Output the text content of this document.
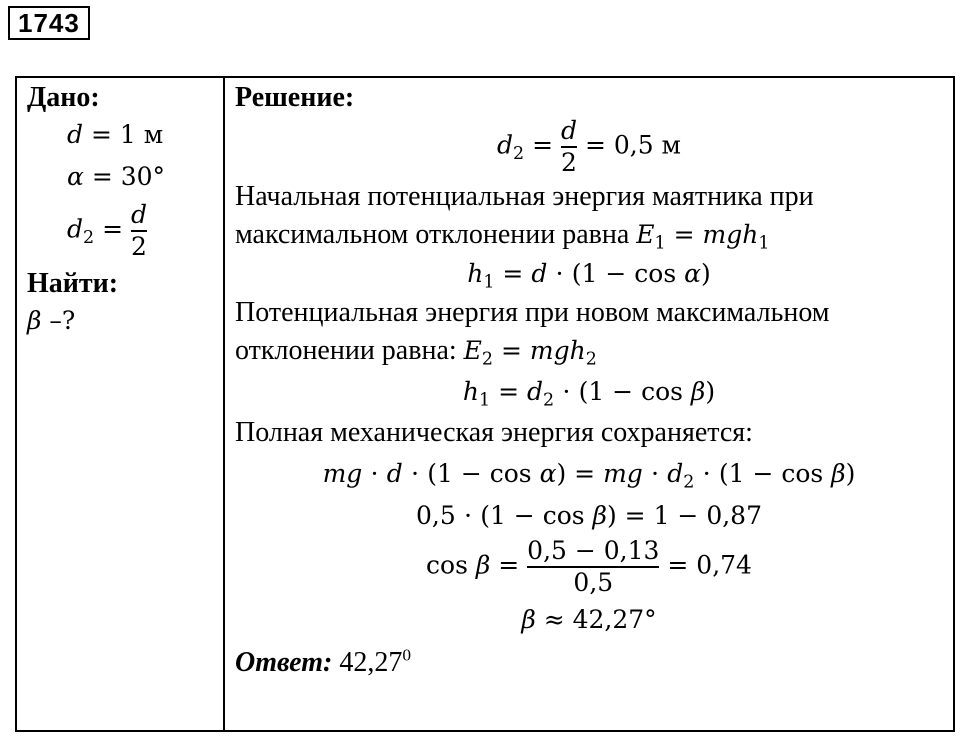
1743
Дано:
d = 1 м
α = 30°
$d_2 = \frac{d}{2}$
Найти:
β –?

Решение:
$d_2 = \frac{d}{2} = 0,5$ м
Начальная потенциальная энергия маятника при
максимальном отклонении равна $E_1 = mgh_1$
$h_1 = d \cdot (1 - \cos \alpha)$
Потенциальная энергия при новом максимальном
отклонении равна: $E_2 = mgh_2$
$h_1 = d_2 \cdot (1 - \cos \beta)$
Полная механическая энергия сохраняется:
mg ⋅ d ⋅ (1 − cos α) = mg ⋅ $d_2 \cdot (1 - \cos \beta)$
0,5 ⋅ (1 − cos β) = 1 − 0,87
$\cos \beta = \frac{0,5 - 0,13}{0,5} = 0,74$
β ≈ 42,27°
Ответ: 42,27$^0$
